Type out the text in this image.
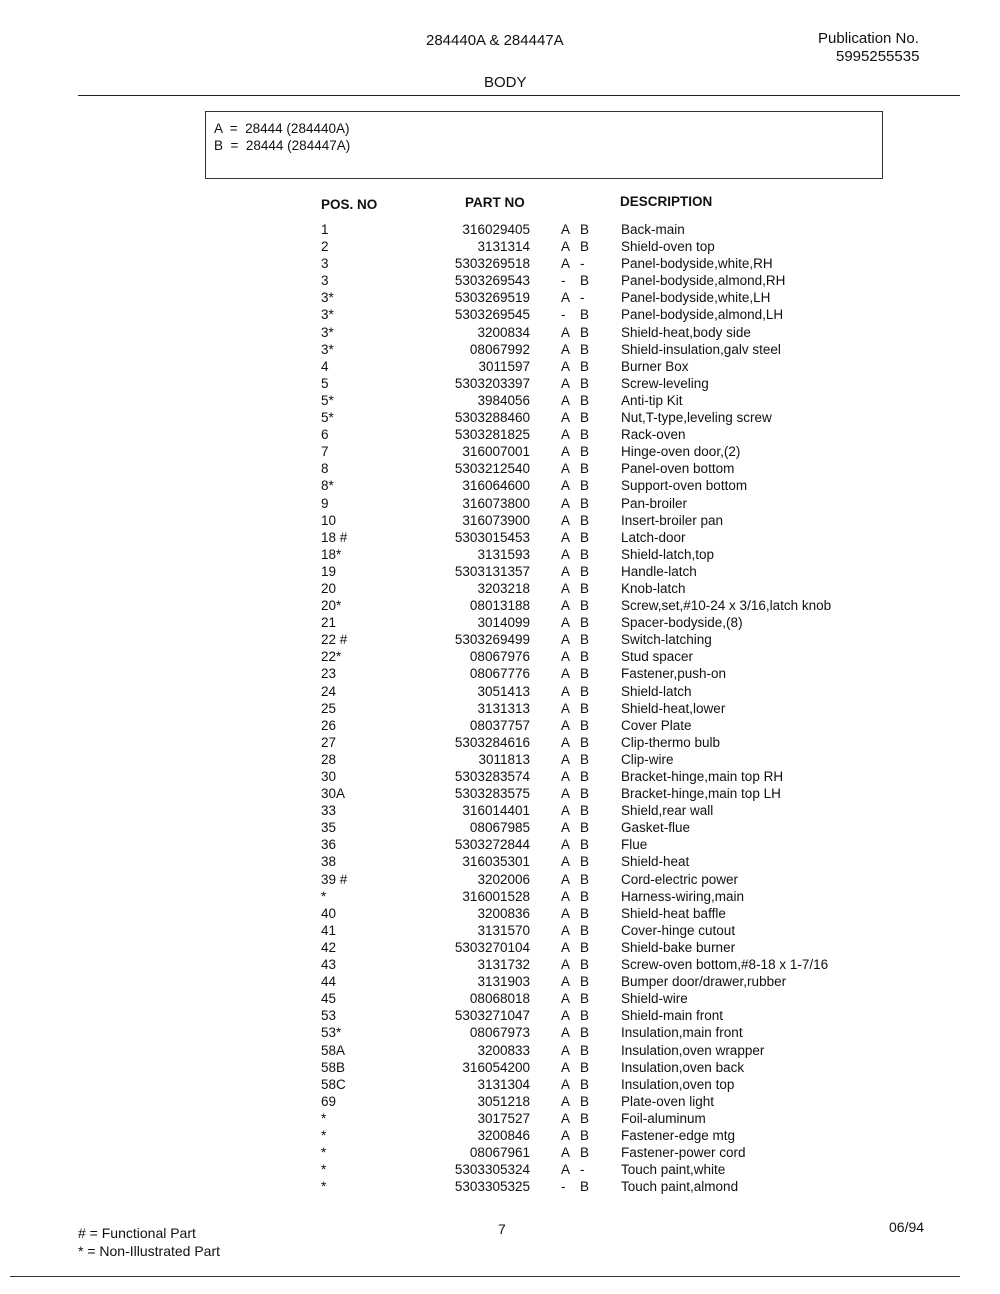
284440A & 284447A	Publication No.
5995255535
BODY
A  =  28444 (284440A)
B  =  28444 (284447A)
POS. NO	PART NO	DESCRIPTION
1	316029405 A B Back-main
2	3131314 A B Shield-oven top
3	5303269518 A -	Panel-bodyside,white,RH
3	5303269543 - B Panel-bodyside,almond,RH
3*	5303269519 A -	Panel-bodyside,white,LH
3*	5303269545 - B Panel-bodyside,almond,LH
3*	3200834 A B Shield-heat,body side
3*	08067992 A B Shield-insulation,galv steel
4	3011597 A B Burner Box
5	5303203397 A B Screw-leveling
5*	3984056 A B Anti-tip Kit
5*	5303288460 A B Nut,T-type,leveling screw
6	5303281825 A B Rack-oven
7	316007001 A B Hinge-oven door,(2)
8	5303212540 A B Panel-oven bottom
8*	316064600 A B Support-oven bottom
9	316073800 A B Pan-broiler
10	316073900 A B Insert-broiler pan
18 #	5303015453 A B Latch-door
18*	3131593 A B Shield-latch,top
19	5303131357 A B Handle-latch
20	3203218 A B Knob-latch
20*	08013188 A B Screw,set,#10-24 x 3/16,latch knob
21	3014099 A B Spacer-bodyside,(8)
22 #	5303269499 A B Switch-latching
22*	08067976 A B Stud spacer
23	08067776 A B Fastener,push-on
24	3051413 A B Shield-latch
25	3131313 A B Shield-heat,lower
26	08037757 A B Cover Plate
27	5303284616 A B Clip-thermo bulb
28	3011813 A B Clip-wire
30	5303283574 A B Bracket-hinge,main top RH
30A	5303283575 A B Bracket-hinge,main top LH
33	316014401 A B Shield,rear wall
35	08067985 A B Gasket-flue
36	5303272844 A B Flue
38	316035301 A B Shield-heat
39 #	3202006 A B Cord-electric power
*	316001528 A B Harness-wiring,main
40	3200836 A B Shield-heat baffle
41	3131570 A B Cover-hinge cutout
42	5303270104 A B Shield-bake burner
43	3131732 A B Screw-oven bottom,#8-18 x 1-7/16
44	3131903 A B Bumper door/drawer,rubber
45	08068018 A B Shield-wire
53	5303271047 A B Shield-main front
53*	08067973 A B Insulation,main front
58A	3200833 A B Insulation,oven wrapper
58B	316054200 A B Insulation,oven back
58C	3131304 A B Insulation,oven top
69	3051218 A B Plate-oven light
*	3017527 A B Foil-aluminum
*	3200846 A B Fastener-edge mtg
*	08067961 A B Fastener-power cord
*	5303305324 A -	Touch paint,white
*	5303305325 - B Touch paint,almond
# = Functional Part
* = Non-Illustrated Part
7	06/94
